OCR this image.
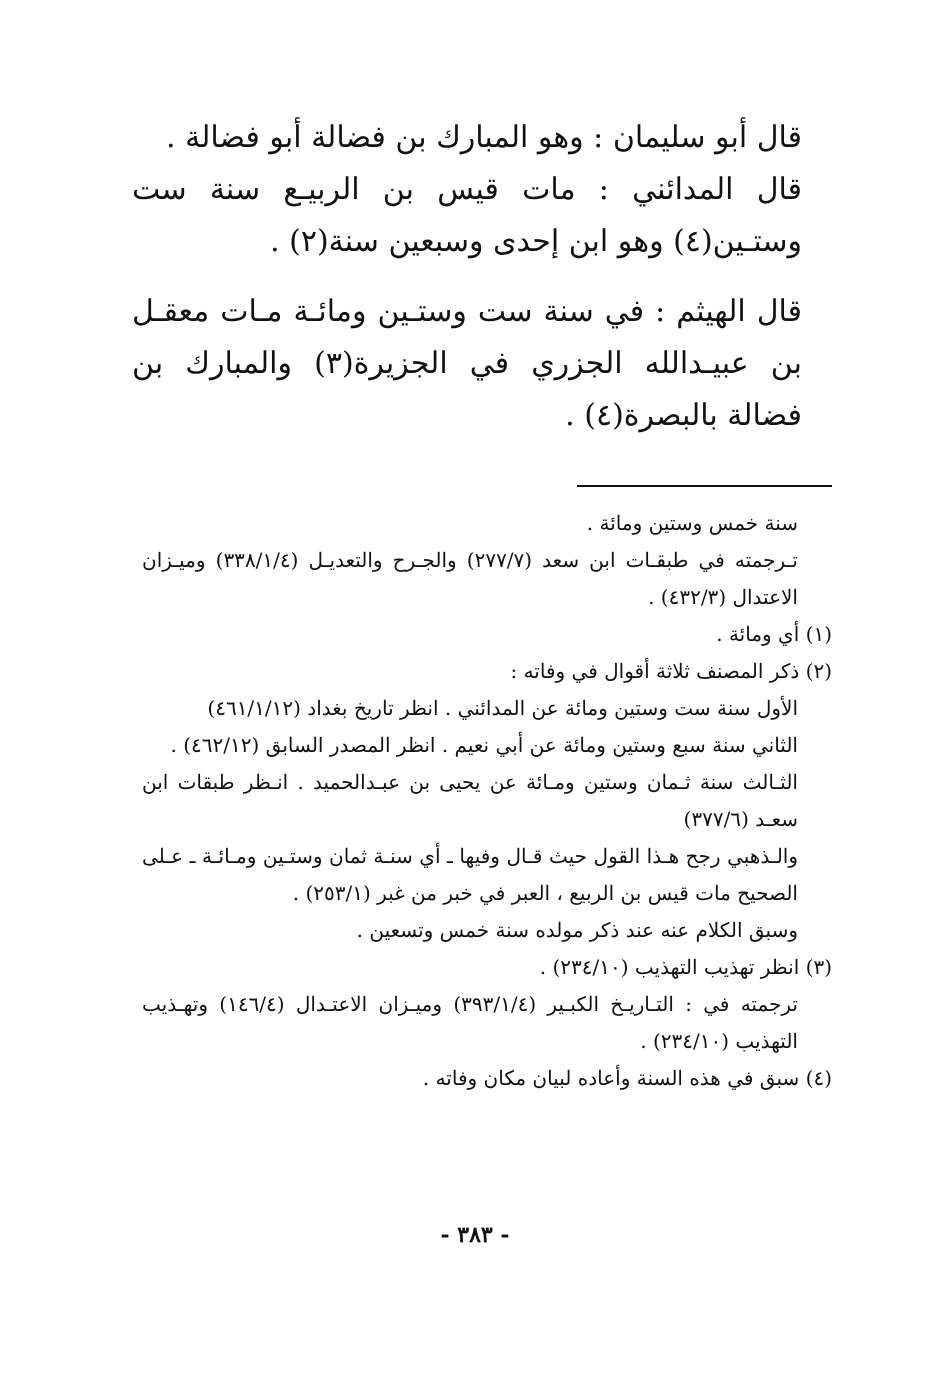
قال أبو سليمان : وهو المبارك بن فضالة أبو فضالة .

قال المدائني : مات قيس بن الربيـع سنة ست وستـين(٤) وهو ابن إحدى وسبعين سنة(٢) .

قال الهيثم : في سنة ست وستـين ومائـة مـات معقـل بن عبيـدالله الجزري في الجزيرة(٣) والمبارك بن فضالة بالبصرة(٤) .

سنة خمس وستين ومائة .

تـرجمته في طبقـات ابن سعد (٢٧٧/٧) والجـرح والتعديـل (٣٣٨/١/٤) وميـزان الاعتدال (٤٣٢/٣) .

(١) أي ومائة .

(٢) ذكر المصنف ثلاثة أقوال في وفاته :

الأول سنة ست وستين ومائة عن المدائني . انظر تاريخ بغداد (٤٦١/١/١٢)

الثاني سنة سبع وستين ومائة عن أبي نعيم . انظر المصدر السابق (٤٦٢/١٢) .

الثـالث سنة ثـمان وستين ومـائة عن يحيى بن عبـدالحميد . انـظر طبقات ابن سعـد (٣٧٧/٦)

والـذهبي رجح هـذا القول حيث قـال وفيها ـ أي سنـة ثمان وستـين ومـائـة ـ عـلى الصحيح مات قيس بن الربيع ، العبر في خبر من غبر (٢٥٣/١) .

وسبق الكلام عنه عند ذكر مولده سنة خمس وتسعين .

(٣) انظر تهذيب التهذيب (٢٣٤/١٠) .

ترجمته في : التـاريـخ الكبـير (٣٩٣/١/٤) وميـزان الاعتـدال (١٤٦/٤) وتهـذيب التهذيب (٢٣٤/١٠) .

(٤) سبق في هذه السنة وأعاده لبيان مكان وفاته .

- ٣٨٣ -
